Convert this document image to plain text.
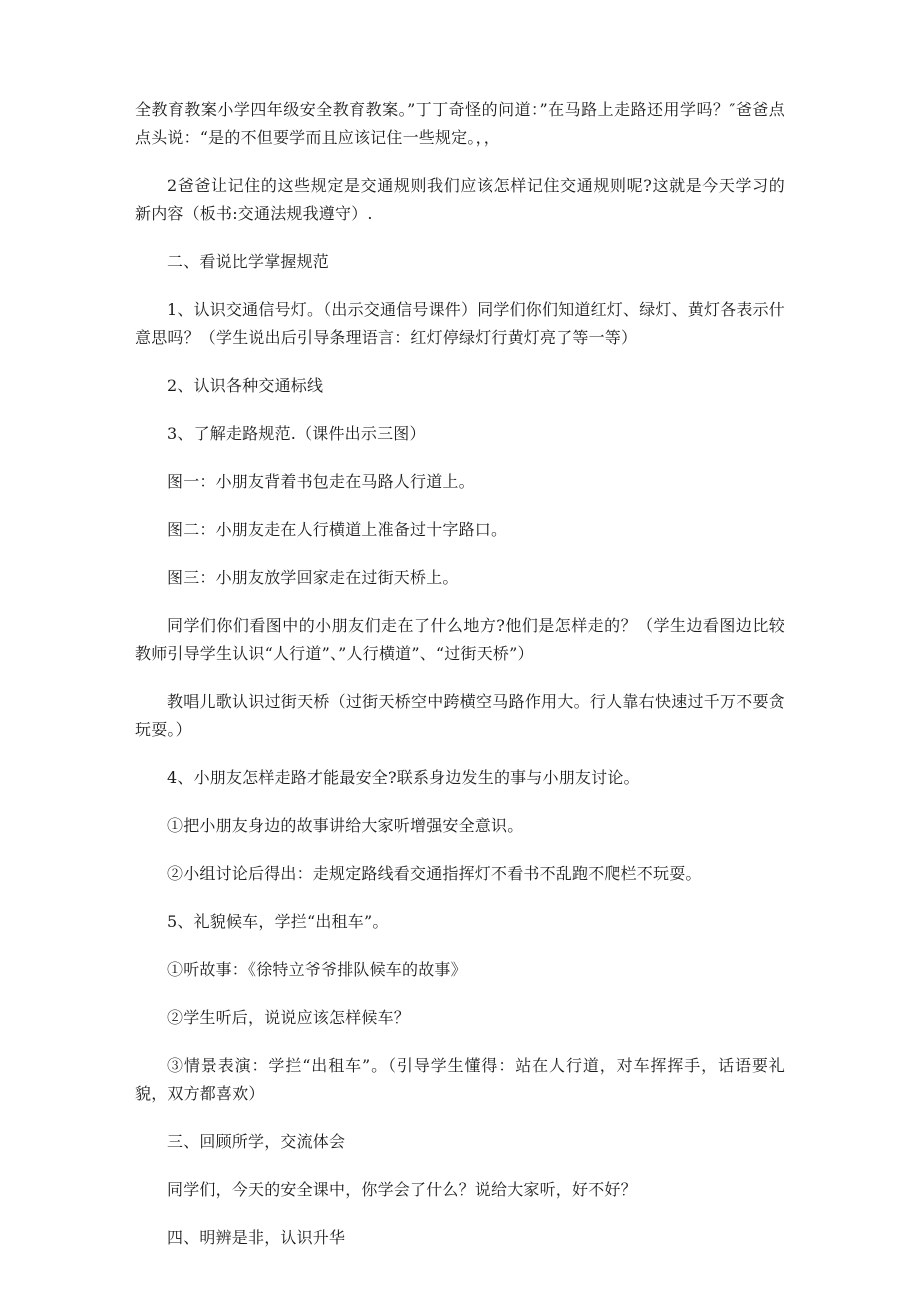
全教育教案小学四年级安全教育教案。”丁丁奇怪的问道：”在马路上走路还用学吗？″爸爸点点头说：“是的不但要学而且应该记住一些规定。，，

2爸爸让记住的这些规定是交通规则我们应该怎样记住交通规则呢?这就是今天学习的新内容（板书:交通法规我遵守）.

二、看说比学掌握规范

1、认识交通信号灯。（出示交通信号课件）同学们你们知道红灯、绿灯、黄灯各表示什意思吗？（学生说出后引导条理语言：红灯停绿灯行黄灯亮了等一等）

2、认识各种交通标线

3、了解走路规范.（课件出示三图）

图一：小朋友背着书包走在马路人行道上。

图二：小朋友走在人行横道上准备过十字路口。

图三：小朋友放学回家走在过街天桥上。

同学们你们看图中的小朋友们走在了什么地方?他们是怎样走的？（学生边看图边比较教师引导学生认识“人行道”、”人行横道”、“过街天桥”）

教唱儿歌认识过街天桥（过街天桥空中跨横空马路作用大。行人靠右快速过千万不要贪玩耍。）

4、小朋友怎样走路才能最安全?联系身边发生的事与小朋友讨论。

①把小朋友身边的故事讲给大家听增强安全意识。

②小组讨论后得出：走规定路线看交通指挥灯不看书不乱跑不爬栏不玩耍。

5、礼貌候车，学拦“出租车”。

①听故事：《徐特立爷爷排队候车的故事》

②学生听后，说说应该怎样候车？

③情景表演：学拦“出租车”。（引导学生懂得：站在人行道，对车挥挥手，话语要礼貌，双方都喜欢）

三、回顾所学，交流体会

同学们，今天的安全课中，你学会了什么？说给大家听，好不好？

四、明辨是非，认识升华
